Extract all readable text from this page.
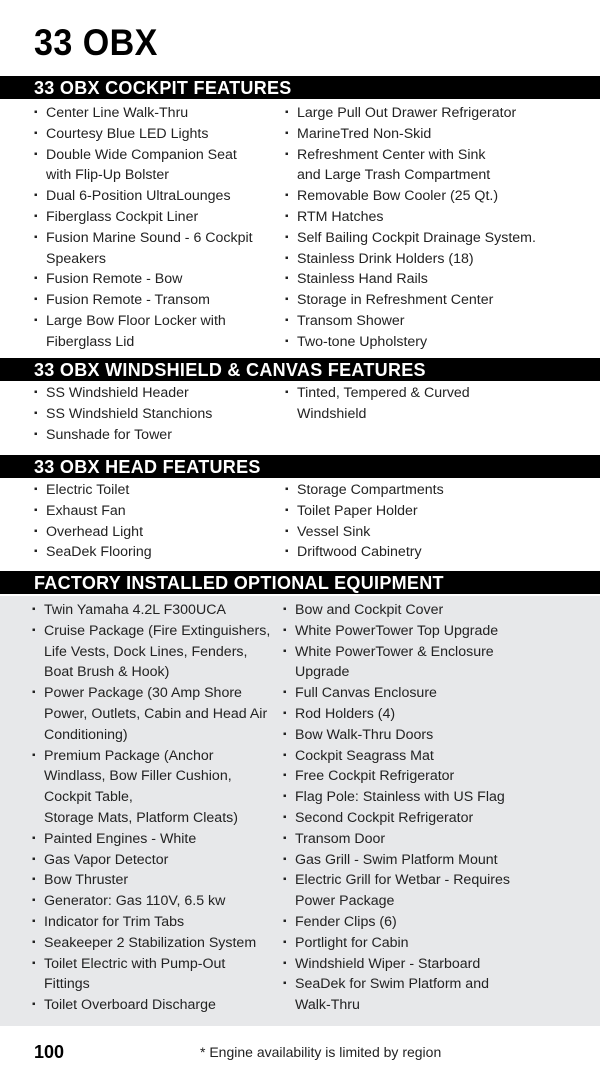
33 OBX
33 OBX COCKPIT FEATURES
▪ Center Line Walk-Thru
▪ Courtesy Blue LED Lights
▪ Double Wide Companion Seat
with Flip-Up Bolster
▪ Dual 6-Position UltraLounges
▪ Fiberglass Cockpit Liner
▪ Fusion Marine Sound - 6 Cockpit
Speakers
▪ Fusion Remote - Bow
▪ Fusion Remote - Transom
▪ Large Bow Floor Locker with
Fiberglass Lid
▪ Large Pull Out Drawer Refrigerator
▪ MarineTred Non-Skid
▪ Refreshment Center with Sink
and Large Trash Compartment
▪ Removable Bow Cooler (25 Qt.)
▪ RTM Hatches
▪ Self Bailing Cockpit Drainage System.
▪ Stainless Drink Holders (18)
▪ Stainless Hand Rails
▪ Storage in Refreshment Center
▪ Transom Shower
▪ Two-tone Upholstery
33 OBX WINDSHIELD & CANVAS FEATURES
▪ SS Windshield Header
▪ SS Windshield Stanchions
▪ Sunshade for Tower
▪ Tinted, Tempered & Curved
Windshield
33 OBX HEAD FEATURES
▪ Electric Toilet
▪ Exhaust Fan
▪ Overhead Light
▪ SeaDek Flooring
▪ Storage Compartments
▪ Toilet Paper Holder
▪ Vessel Sink
▪ Driftwood Cabinetry
FACTORY INSTALLED OPTIONAL EQUIPMENT
▪ Twin Yamaha 4.2L F300UCA
▪ Cruise Package (Fire Extinguishers,
Life Vests, Dock Lines, Fenders,
Boat Brush & Hook)
▪ Power Package (30 Amp Shore
Power, Outlets, Cabin and Head Air
Conditioning)
▪ Premium Package (Anchor
Windlass, Bow Filler Cushion,
Cockpit Table,
Storage Mats, Platform Cleats)
▪ Painted Engines - White
▪ Gas Vapor Detector
▪ Bow Thruster
▪ Generator: Gas 110V, 6.5 kw
▪ Indicator for Trim Tabs
▪ Seakeeper 2 Stabilization System
▪ Toilet Electric with Pump-Out
Fittings
▪ Toilet Overboard Discharge
▪ Bow and Cockpit Cover
▪ White PowerTower Top Upgrade
▪ White PowerTower & Enclosure
Upgrade
▪ Full Canvas Enclosure
▪ Rod Holders (4)
▪ Bow Walk-Thru Doors
▪ Cockpit Seagrass Mat
▪ Free Cockpit Refrigerator
▪ Flag Pole: Stainless with US Flag
▪ Second Cockpit Refrigerator
▪ Transom Door
▪ Gas Grill - Swim Platform Mount
▪ Electric Grill for Wetbar - Requires
Power Package
▪ Fender Clips (6)
▪ Portlight for Cabin
▪ Windshield Wiper - Starboard
▪ SeaDek for Swim Platform and
Walk-Thru
100	* Engine availability is limited by region
